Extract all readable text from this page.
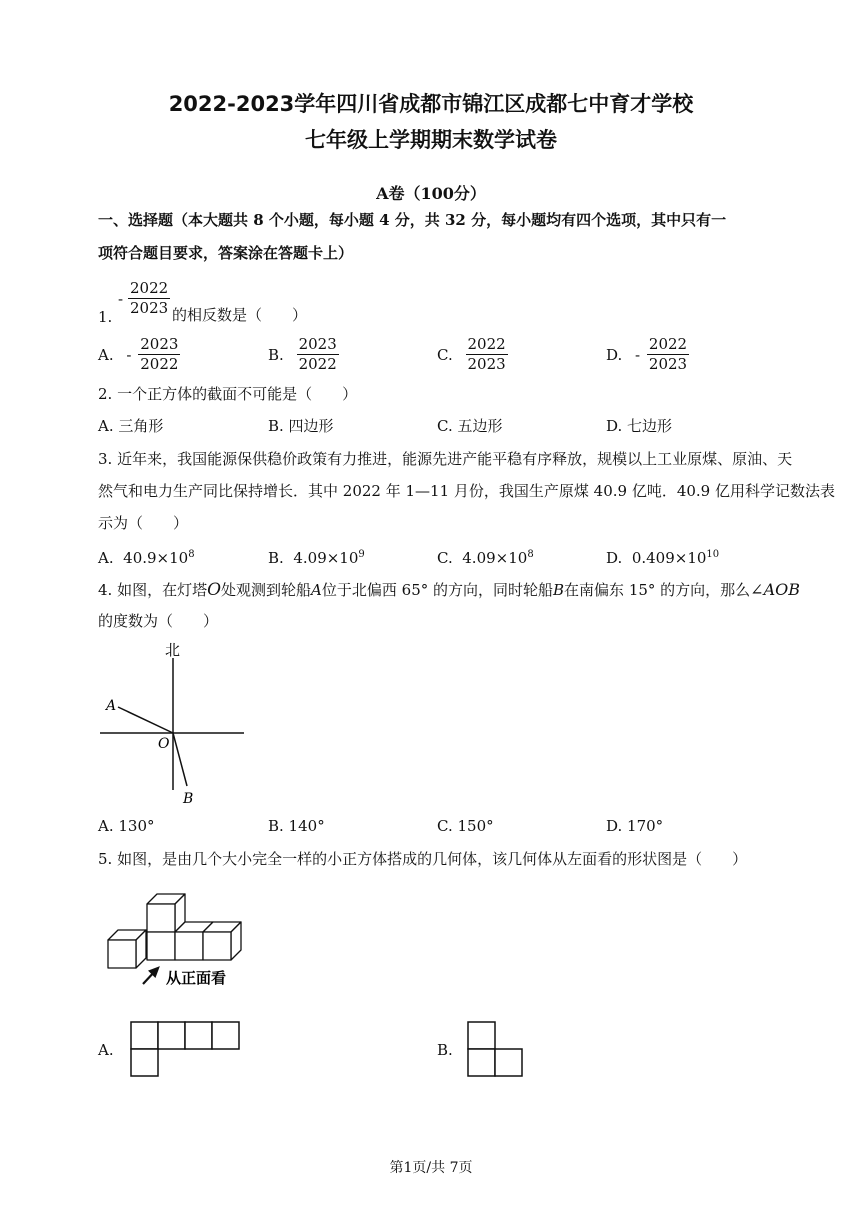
2022-2023学年四川省成都市锦江区成都七中育才学校
七年级上学期期末数学试卷
A卷（100分）
一、选择题（本大题共 8 个小题，每小题 4 分，共 32 分，每小题均有四个选项，其中只有一
项符合题目要求，答案涂在答题卡上）
1.
- $\frac{2022}{2023}$ 的相反数是（　　）
A. - $\frac{2023}{2022}$	B. $\frac{2023}{2022}$	C. $\frac{2022}{2023}$	D. - $\frac{2022}{2023}$
2. 一个正方体的截面不可能是（　　）
A. 三角形	B. 四边形	C. 五边形	D. 七边形
3. 近年来，我国能源保供稳价政策有力推进，能源先进产能平稳有序释放，规模以上工业原煤、原油、天
然气和电力生产同比保持增长．其中 2022 年 1—11 月份，我国生产原煤 40.9 亿吨．40.9 亿用科学记数法表
示为（　　）
A. $40.9\times 10^8$	B. $4.09\times 10^9$	C. $4.09\times 10^8$	D. $0.409\times 10^{10}$
4. 如图，在灯塔O处观测到轮船A位于北偏西 65° 的方向，同时轮船B在南偏东 15° 的方向，那么∠AOB
的度数为（　　）
北
A
O
B
A. 130°	B. 140°	C. 150°	D. 170°
5. 如图，是由几个大小完全一样的小正方体搭成的几何体，该几何体从左面看的形状图是（　　）
从正面看
A.	B.
第1页/共 7页
